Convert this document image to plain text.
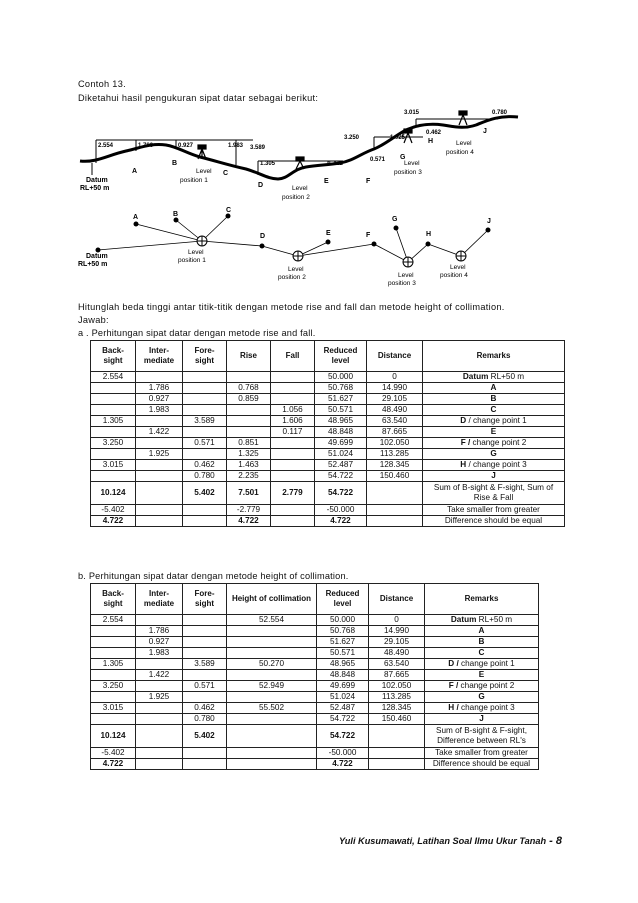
Contoh 13.
Diketahui hasil pengukuran sipat datar sebagai berikut:
2.554	1.786	0.927	1.983 3.589
1.305	1.422
3.250
0.571
1.925
0.462
3.015	0.780
A
B
C
D
E	F
G
H
J
Datum
RL+50 m
Level
position 1
Level
position 2
Level
position 3
Level
position 4
A	B
C
D	E	F
G
H
J
Datum
RL+50 m
Level
position 1
Level
position 2	Level
position 3
Level
position 4
Hitunglah beda tinggi antar titik-titik dengan metode rise and fall dan metode height of collimation.
Jawab:
a . Perhitungan sipat datar dengan metode rise and fall.
Back-sight	Inter-mediate	Fore-sight	Rise	Fall	Reduced level	Distance	Remarks
2.554					50.000	0	Datum RL+50 m
	1.786		0.768		50.768	14.990	A
	0.927		0.859		51.627	29.105	B
	1.983			1.056	50.571	48.490	C
1.305		3.589		1.606	48.965	63.540	D / change point 1
	1.422			0.117	48.848	87.665	E
3.250		0.571	0.851		49.699	102.050	F / change point 2
	1.925		1.325		51.024	113.285	G
3.015		0.462	1.463		52.487	128.345	H / change point 3
		0.780	2.235		54.722	150.460	J
10.124		5.402	7.501	2.779	54.722		Sum of B-sight & F-sight, Sum of Rise & Fall
-5.402			-2.779		-50.000		Take smaller from greater
4.722			4.722		4.722		Difference should be equal
b. Perhitungan sipat datar dengan metode height of collimation.
Back-sight	Inter-mediate	Fore-sight	Height of collimation	Reduced level	Distance	Remarks
2.554			52.554	50.000	0	Datum RL+50 m
	1.786			50.768	14.990	A
	0.927			51.627	29.105	B
	1.983			50.571	48.490	C
1.305		3.589	50.270	48.965	63.540	D / change point 1
	1.422			48.848	87.665	E
3.250		0.571	52.949	49.699	102.050	F / change point 2
	1.925			51.024	113.285	G
3.015		0.462	55.502	52.487	128.345	H / change point 3
		0.780		54.722	150.460	J
10.124		5.402		54.722		Sum of B-sight & F-sight, Difference between RL's
-5.402				-50.000		Take smaller from greater
4.722				4.722		Difference should be equal
Yuli Kusumawati, Latihan Soal Ilmu Ukur Tanah - 8
